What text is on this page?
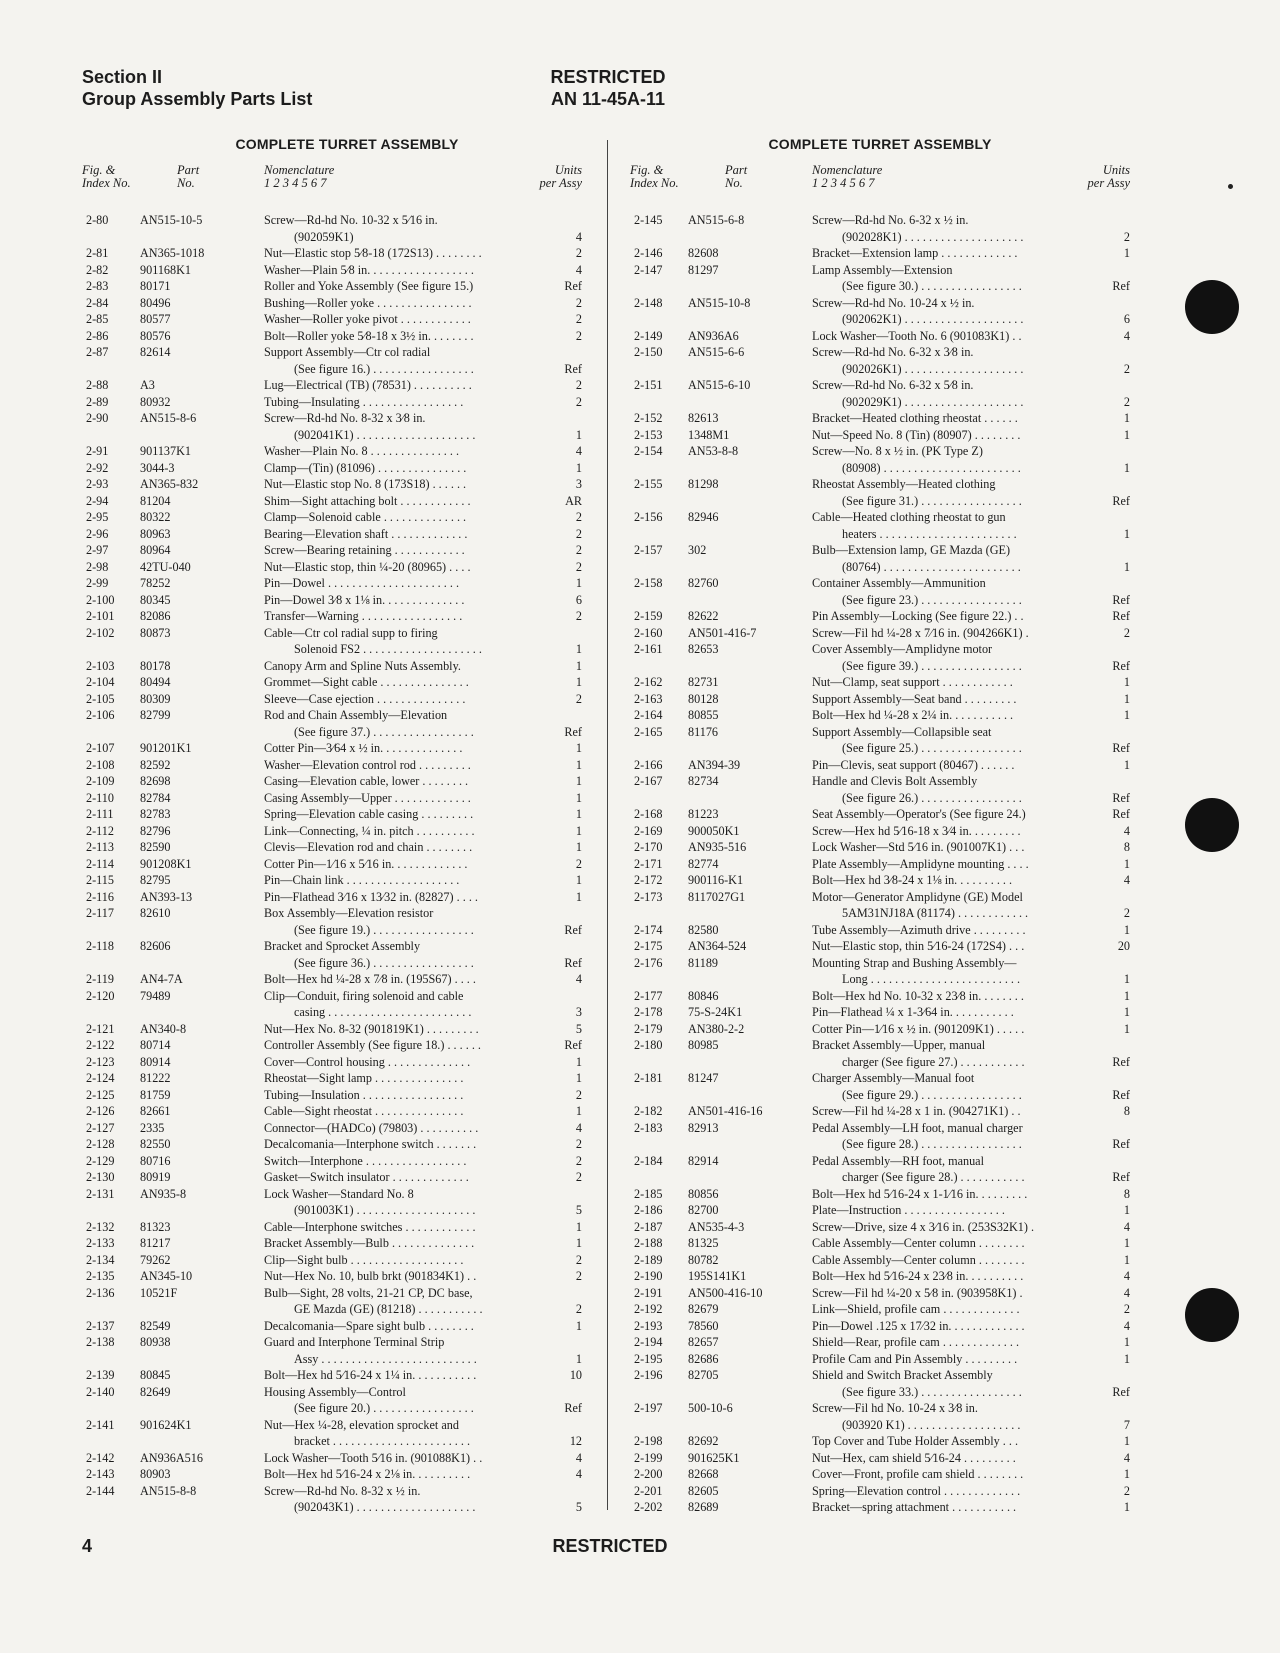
Section II
Group Assembly Parts List
RESTRICTED
AN 11-45A-11
COMPLETE TURRET ASSEMBLY
Fig. &
Index No.
Part
No.
Nomenclature
1 2 3 4 5 6 7
Units
per Assy
2-80	AN515-10-5	Screw—Rd-hd No. 10-32 x 5⁄16 in.
(902059K1)	4
2-81	AN365-1018	Nut—Elastic stop 5⁄8-18 (172S13) . . . . . . . .	2
2-82	901168K1	Washer—Plain 5⁄8 in. . . . . . . . . . . . . . . . . .	4
2-83	80171	Roller and Yoke Assembly (See figure 15.)	Ref
2-84	80496	Bushing—Roller yoke . . . . . . . . . . . . . . . .	2
2-85	80577	Washer—Roller yoke pivot . . . . . . . . . . . .	2
2-86	80576	Bolt—Roller yoke 5⁄8-18 x 3½ in. . . . . . . .	2
2-87	82614	Support Assembly—Ctr col radial
(See figure 16.) . . . . . . . . . . . . . . . . .	Ref
2-88	A3	Lug—Electrical (TB) (78531) . . . . . . . . . .	2
2-89	80932	Tubing—Insulating . . . . . . . . . . . . . . . . .	2
2-90	AN515-8-6	Screw—Rd-hd No. 8-32 x 3⁄8 in.
(902041K1) . . . . . . . . . . . . . . . . . . . .	1
2-91	901137K1	Washer—Plain No. 8 . . . . . . . . . . . . . . .	4
2-92	3044-3	Clamp—(Tin) (81096) . . . . . . . . . . . . . . .	1
2-93	AN365-832	Nut—Elastic stop No. 8 (173S18) . . . . . .	3
2-94	81204	Shim—Sight attaching bolt . . . . . . . . . . . .	AR
2-95	80322	Clamp—Solenoid cable . . . . . . . . . . . . . .	2
2-96	80963	Bearing—Elevation shaft . . . . . . . . . . . . .	2
2-97	80964	Screw—Bearing retaining . . . . . . . . . . . .	2
2-98	42TU-040	Nut—Elastic stop, thin ¼-20 (80965) . . . .	2
2-99	78252	Pin—Dowel . . . . . . . . . . . . . . . . . . . . . .	1
2-100 80345	Pin—Dowel 3⁄8 x 1⅛ in. . . . . . . . . . . . . .	6
2-101 82086	Transfer—Warning . . . . . . . . . . . . . . . . .	2
2-102 80873	Cable—Ctr col radial supp to firing
Solenoid FS2 . . . . . . . . . . . . . . . . . . . .	1
2-103 80178	Canopy Arm and Spline Nuts Assembly.	1
2-104 80494	Grommet—Sight cable . . . . . . . . . . . . . . .	1
2-105 80309	Sleeve—Case ejection . . . . . . . . . . . . . . .	2
2-106 82799	Rod and Chain Assembly—Elevation
(See figure 37.) . . . . . . . . . . . . . . . . .	Ref
2-107 901201K1	Cotter Pin—3⁄64 x ½ in. . . . . . . . . . . . . .	1
2-108 82592	Washer—Elevation control rod . . . . . . . . .	1
2-109 82698	Casing—Elevation cable, lower . . . . . . . .	1
2-110 82784	Casing Assembly—Upper . . . . . . . . . . . . .	1
2-111 82783	Spring—Elevation cable casing . . . . . . . . .	1
2-112 82796	Link—Connecting, ¼ in. pitch . . . . . . . . . .	1
2-113 82590	Clevis—Elevation rod and chain . . . . . . . .	1
2-114 901208K1	Cotter Pin—1⁄16 x 5⁄16 in. . . . . . . . . . . . .	2
2-115 82795	Pin—Chain link . . . . . . . . . . . . . . . . . . .	1
2-116 AN393-13	Pin—Flathead 3⁄16 x 13⁄32 in. (82827) . . . .	1
2-117 82610	Box Assembly—Elevation resistor
(See figure 19.) . . . . . . . . . . . . . . . . .	Ref
2-118 82606	Bracket and Sprocket Assembly
(See figure 36.) . . . . . . . . . . . . . . . . .	Ref
2-119 AN4-7A	Bolt—Hex hd ¼-28 x 7⁄8 in. (195S67) . . . .	4
2-120 79489	Clip—Conduit, firing solenoid and cable
casing . . . . . . . . . . . . . . . . . . . . . . . .	3
2-121 AN340-8	Nut—Hex No. 8-32 (901819K1) . . . . . . . . .	5
2-122 80714	Controller Assembly (See figure 18.) . . . . . .	Ref
2-123 80914	Cover—Control housing . . . . . . . . . . . . . .	1
2-124 81222	Rheostat—Sight lamp . . . . . . . . . . . . . . .	1
2-125 81759	Tubing—Insulation . . . . . . . . . . . . . . . . .	2
2-126 82661	Cable—Sight rheostat . . . . . . . . . . . . . . .	1
2-127 2335	Connector—(HADCo) (79803) . . . . . . . . . .	4
2-128 82550	Decalcomania—Interphone switch . . . . . . .	2
2-129 80716	Switch—Interphone . . . . . . . . . . . . . . . . .	2
2-130 80919	Gasket—Switch insulator . . . . . . . . . . . . .	2
2-131 AN935-8	Lock Washer—Standard No. 8
(901003K1) . . . . . . . . . . . . . . . . . . . .	5
2-132 81323	Cable—Interphone switches . . . . . . . . . . . .	1
2-133 81217	Bracket Assembly—Bulb . . . . . . . . . . . . . .	1
2-134 79262	Clip—Sight bulb . . . . . . . . . . . . . . . . . . .	2
2-135 AN345-10	Nut—Hex No. 10, bulb brkt (901834K1) . .	2
2-136 10521F	Bulb—Sight, 28 volts, 21-21 CP, DC base,
GE Mazda (GE) (81218) . . . . . . . . . . .	2
2-137 82549	Decalcomania—Spare sight bulb . . . . . . . .	1
2-138 80938	Guard and Interphone Terminal Strip
Assy . . . . . . . . . . . . . . . . . . . . . . . . . .	1
2-139 80845	Bolt—Hex hd 5⁄16-24 x 1¼ in. . . . . . . . . . .	10
2-140 82649	Housing Assembly—Control
(See figure 20.) . . . . . . . . . . . . . . . . .	Ref
2-141 901624K1	Nut—Hex ¼-28, elevation sprocket and
bracket . . . . . . . . . . . . . . . . . . . . . . .	12
2-142 AN936A516	Lock Washer—Tooth 5⁄16 in. (901088K1) . .	4
2-143 80903	Bolt—Hex hd 5⁄16-24 x 2⅛ in. . . . . . . . . .	4
2-144 AN515-8-8	Screw—Rd-hd No. 8-32 x ½ in.
(902043K1) . . . . . . . . . . . . . . . . . . . .	5
COMPLETE TURRET ASSEMBLY
Fig. &
Index No.
Part
No.
Nomenclature
1 2 3 4 5 6 7
Units
per Assy
2-145 AN515-6-8	Screw—Rd-hd No. 6-32 x ½ in.
(902028K1) . . . . . . . . . . . . . . . . . . . .	2
2-146 82608	Bracket—Extension lamp . . . . . . . . . . . . .	1
2-147 81297	Lamp Assembly—Extension
(See figure 30.) . . . . . . . . . . . . . . . . .	Ref
2-148 AN515-10-8	Screw—Rd-hd No. 10-24 x ½ in.
(902062K1) . . . . . . . . . . . . . . . . . . . .	6
2-149 AN936A6	Lock Washer—Tooth No. 6 (901083K1) . .	4
2-150 AN515-6-6	Screw—Rd-hd No. 6-32 x 3⁄8 in.
(902026K1) . . . . . . . . . . . . . . . . . . . .	2
2-151 AN515-6-10	Screw—Rd-hd No. 6-32 x 5⁄8 in.
(902029K1) . . . . . . . . . . . . . . . . . . . .	2
2-152 82613	Bracket—Heated clothing rheostat . . . . . .	1
2-153 1348M1	Nut—Speed No. 8 (Tin) (80907) . . . . . . . .	1
2-154 AN53-8-8	Screw—No. 8 x ½ in. (PK Type Z)
(80908) . . . . . . . . . . . . . . . . . . . . . . .	1
2-155 81298	Rheostat Assembly—Heated clothing
(See figure 31.) . . . . . . . . . . . . . . . . .	Ref
2-156 82946	Cable—Heated clothing rheostat to gun
heaters . . . . . . . . . . . . . . . . . . . . . . .	1
2-157 302	Bulb—Extension lamp, GE Mazda (GE)
(80764) . . . . . . . . . . . . . . . . . . . . . . .	1
2-158 82760	Container Assembly—Ammunition
(See figure 23.) . . . . . . . . . . . . . . . . .	Ref
2-159 82622	Pin Assembly—Locking (See figure 22.) . .	Ref
2-160 AN501-416-7	Screw—Fil hd ¼-28 x 7⁄16 in. (904266K1) .	2
2-161 82653	Cover Assembly—Amplidyne motor
(See figure 39.) . . . . . . . . . . . . . . . . .	Ref
2-162 82731	Nut—Clamp, seat support . . . . . . . . . . . .	1
2-163 80128	Support Assembly—Seat band . . . . . . . . .	1
2-164 80855	Bolt—Hex hd ¼-28 x 2¼ in. . . . . . . . . . .	1
2-165 81176	Support Assembly—Collapsible seat
(See figure 25.) . . . . . . . . . . . . . . . . .	Ref
2-166 AN394-39	Pin—Clevis, seat support (80467) . . . . . .	1
2-167 82734	Handle and Clevis Bolt Assembly
(See figure 26.) . . . . . . . . . . . . . . . . .	Ref
2-168 81223	Seat Assembly—Operator's (See figure 24.)	Ref
2-169 900050K1	Screw—Hex hd 5⁄16-18 x 3⁄4 in. . . . . . . . .	4
2-170 AN935-516	Lock Washer—Std 5⁄16 in. (901007K1) . . .	8
2-171 82774	Plate Assembly—Amplidyne mounting . . . .	1
2-172 900116-K1	Bolt—Hex hd 3⁄8-24 x 1⅛ in. . . . . . . . . .	4
2-173 8117027G1	Motor—Generator Amplidyne (GE) Model
5AM31NJ18A (81174) . . . . . . . . . . . .	2
2-174 82580	Tube Assembly—Azimuth drive . . . . . . . . .	1
2-175 AN364-524	Nut—Elastic stop, thin 5⁄16-24 (172S4) . . .	20
2-176 81189	Mounting Strap and Bushing Assembly—
Long . . . . . . . . . . . . . . . . . . . . . . . . .	1
2-177 80846	Bolt—Hex hd No. 10-32 x 23⁄8 in. . . . . . . .	1
2-178 75-S-24K1	Pin—Flathead ¼ x 1-3⁄64 in. . . . . . . . . . .	1
2-179 AN380-2-2	Cotter Pin—1⁄16 x ½ in. (901209K1) . . . . .	1
2-180 80985	Bracket Assembly—Upper, manual
charger (See figure 27.) . . . . . . . . . . .	Ref
2-181 81247	Charger Assembly—Manual foot
(See figure 29.) . . . . . . . . . . . . . . . . .	Ref
2-182 AN501-416-16	Screw—Fil hd ¼-28 x 1 in. (904271K1) . .	8
2-183 82913	Pedal Assembly—LH foot, manual charger
(See figure 28.) . . . . . . . . . . . . . . . . .	Ref
2-184 82914	Pedal Assembly—RH foot, manual
charger (See figure 28.) . . . . . . . . . . .	Ref
2-185 80856	Bolt—Hex hd 5⁄16-24 x 1-1⁄16 in. . . . . . . . .	8
2-186 82700	Plate—Instruction . . . . . . . . . . . . . . . . .	1
2-187 AN535-4-3	Screw—Drive, size 4 x 3⁄16 in. (253S32K1) .	4
2-188 81325	Cable Assembly—Center column . . . . . . . .	1
2-189 80782	Cable Assembly—Center column . . . . . . . .	1
2-190 195S141K1	Bolt—Hex hd 5⁄16-24 x 23⁄8 in. . . . . . . . . .	4
2-191 AN500-416-10	Screw—Fil hd ¼-20 x 5⁄8 in. (903958K1) .	4
2-192 82679	Link—Shield, profile cam . . . . . . . . . . . . .	2
2-193 78560	Pin—Dowel .125 x 17⁄32 in. . . . . . . . . . . . .	4
2-194 82657	Shield—Rear, profile cam . . . . . . . . . . . . .	1
2-195 82686	Profile Cam and Pin Assembly . . . . . . . . .	1
2-196 82705	Shield and Switch Bracket Assembly
(See figure 33.) . . . . . . . . . . . . . . . . .	Ref
2-197 500-10-6	Screw—Fil hd No. 10-24 x 3⁄8 in.
(903920 K1) . . . . . . . . . . . . . . . . . . .	7
2-198 82692	Top Cover and Tube Holder Assembly . . .	1
2-199 901625K1	Nut—Hex, cam shield 5⁄16-24 . . . . . . . . .	4
2-200 82668	Cover—Front, profile cam shield . . . . . . . .	1
2-201 82605	Spring—Elevation control . . . . . . . . . . . . .	2
2-202 82689	Bracket—spring attachment . . . . . . . . . . .	1
4	RESTRICTED
